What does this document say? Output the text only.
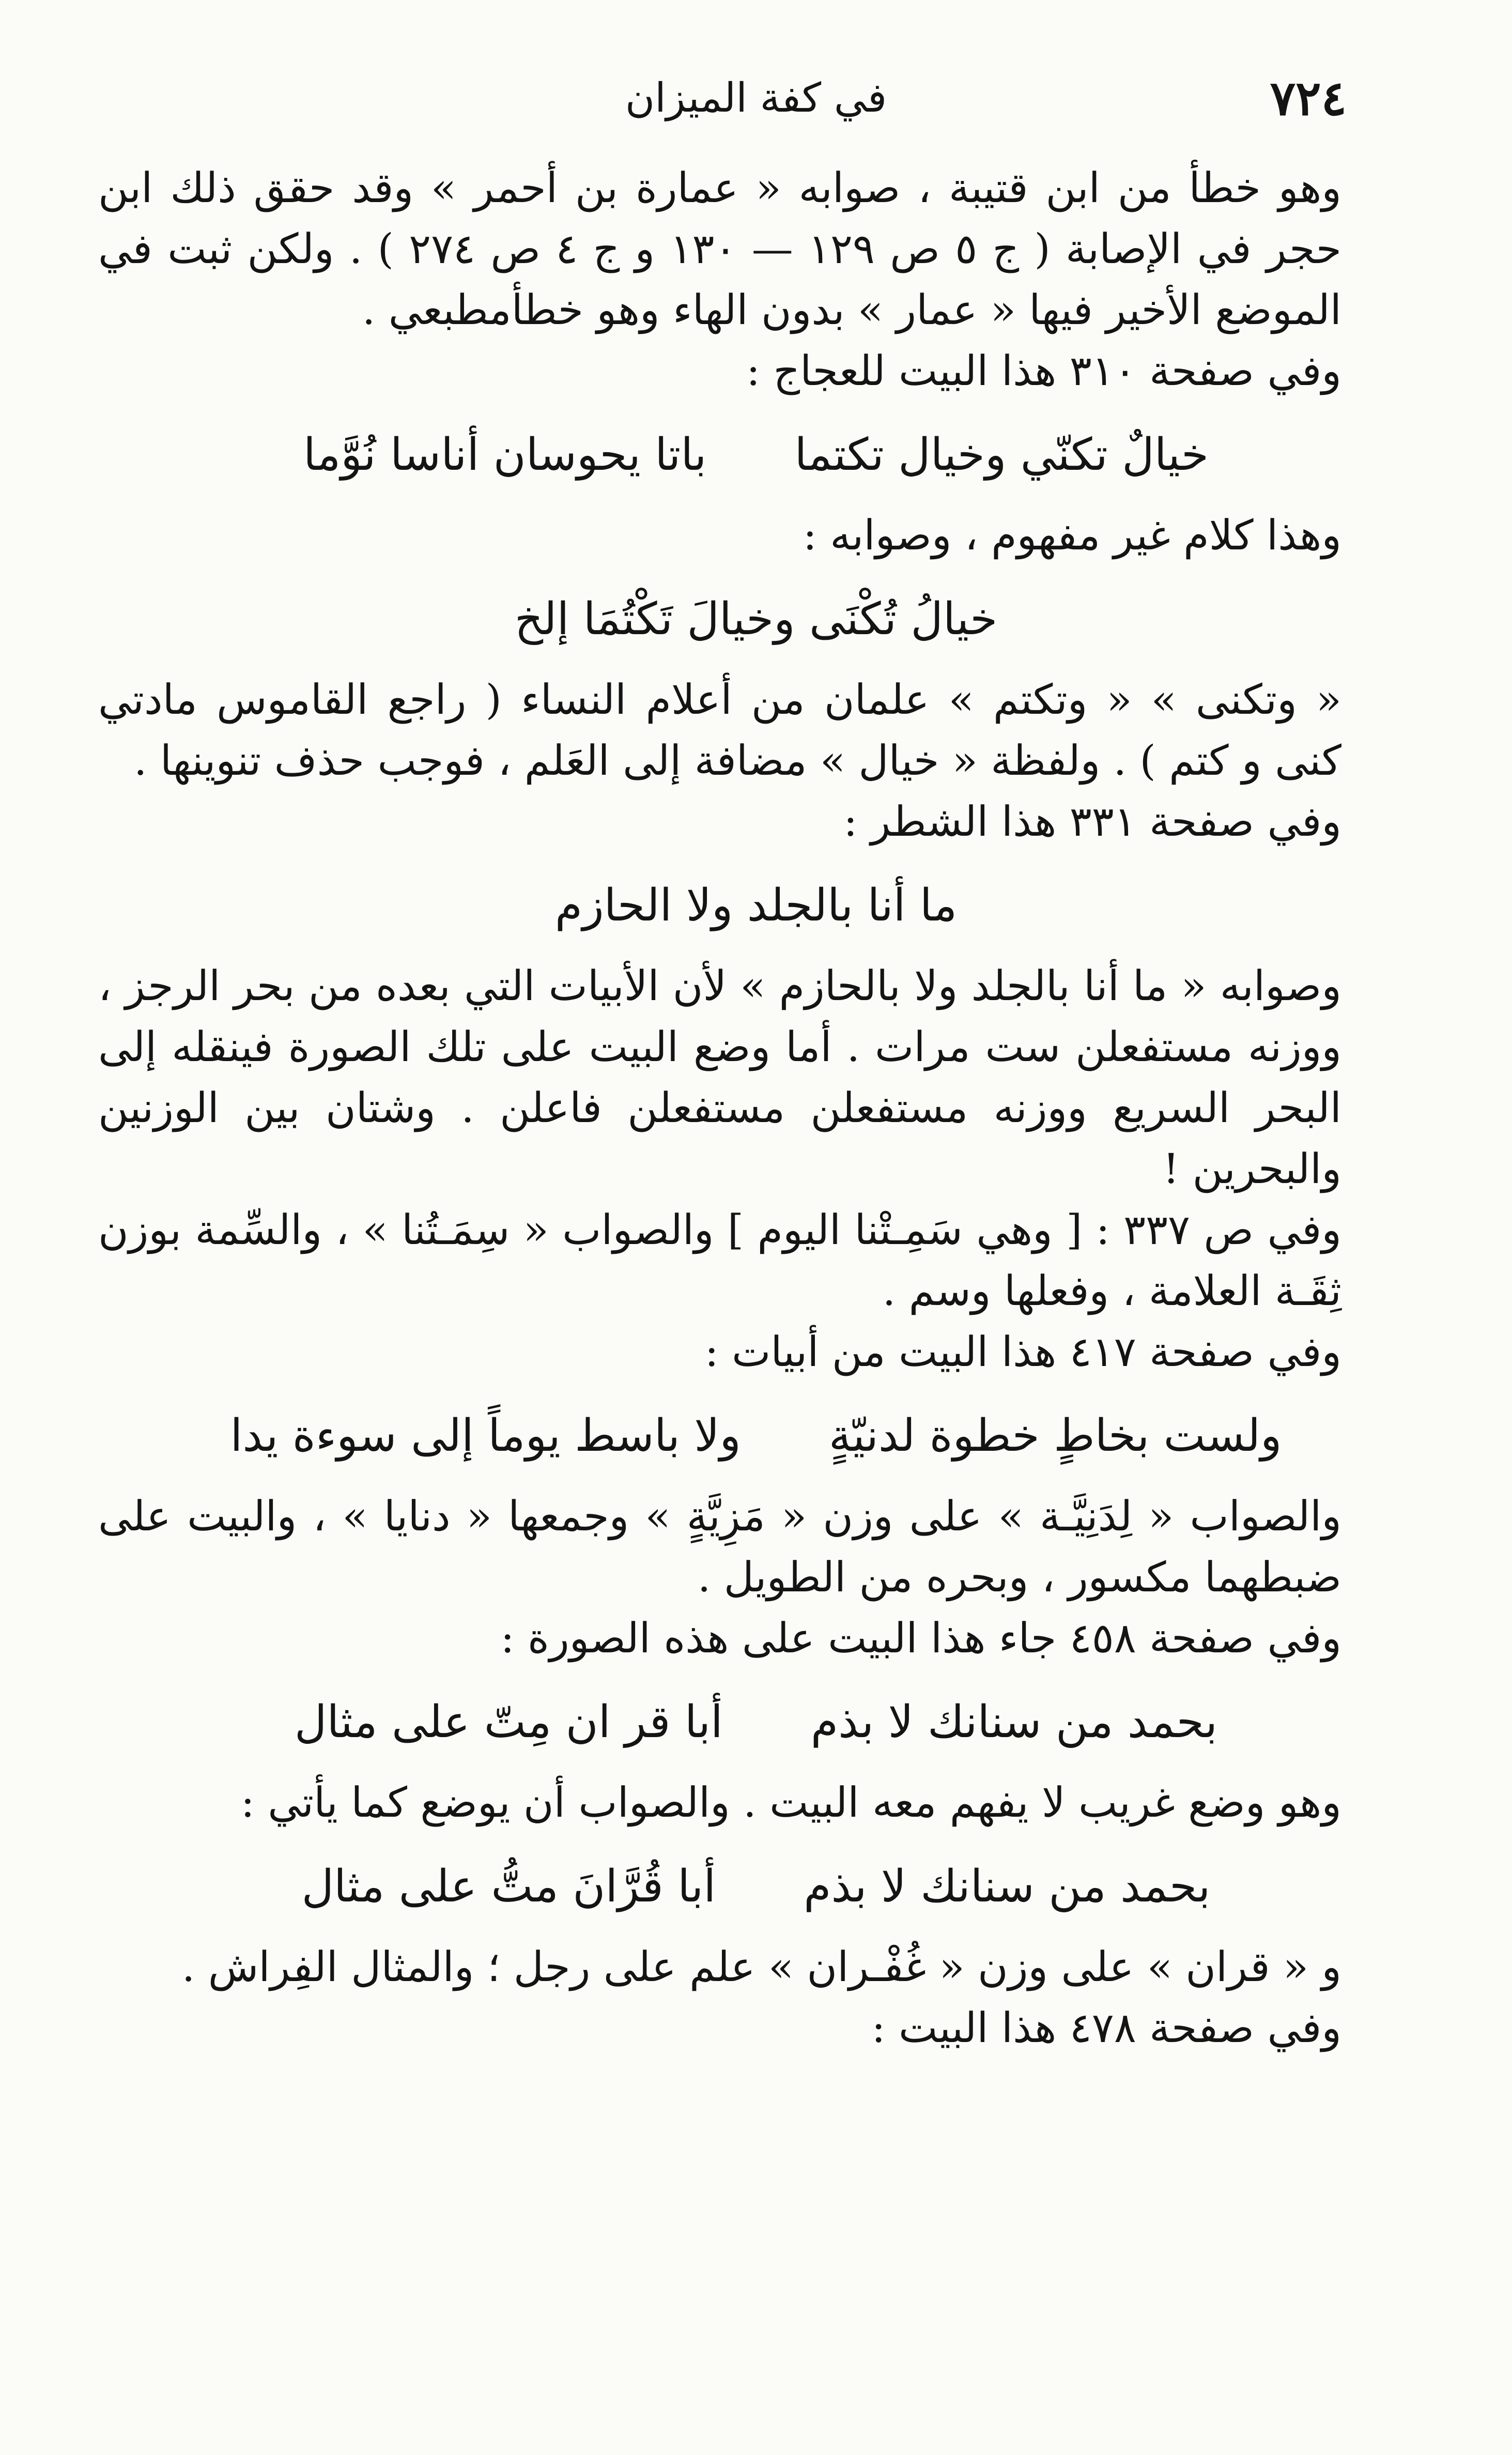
٧٢٤
في كفة الميزان

وهو خطأ من ابن قتيبة ، صوابه « عمارة بن أحمر » وقد حقق ذلك ابن حجر في الإصابة ( ج ٥ ص ١٢٩ — ١٣٠ و ج ٤ ص ٢٧٤ ) . ولكن ثبت في الموضع الأخير فيها « عمار » بدون الهاء وهو خطأمطبعي .

وفي صفحة ٣١٠ هذا البيت للعجاج :

خيالٌ تكنّي وخيال تكتما
باتا يحوسان أناسا نُوَّما

وهذا كلام غير مفهوم ، وصوابه :

خيالُ تُكْنَى وخيالَ تَكْتُمَا إلخ

« وتكنى » « وتكتم » علمان من أعلام النساء ( راجع القاموس مادتي كنى و كتم ) . ولفظة « خيال » مضافة إلى العَلم ، فوجب حذف تنوينها .

وفي صفحة ٣٣١ هذا الشطر :

ما أنا بالجلد ولا الحازم

وصوابه « ما أنا بالجلد ولا بالحازم » لأن الأبيات التي بعده من بحر الرجز ، ووزنه مستفعلن ست مرات . أما وضع البيت على تلك الصورة فينقله إلى البحر السريع ووزنه مستفعلن مستفعلن فاعلن . وشتان بين الوزنين والبحرين !

وفي ص ٣٣٧ : [ وهي سَمِـتْنا اليوم ] والصواب « سِمَـتُنا » ، والسِّمة بوزن ثِقَـة العلامة ، وفعلها وسم .

وفي صفحة ٤١٧ هذا البيت من أبيات :

ولست بخاطٍ خطوة لدنيّةٍ
ولا باسط يوماً إلى سوءة يدا

والصواب « لِدَنِيَّـة » على وزن « مَزِيَّةٍ » وجمعها « دنايا » ، والبيت على ضبطهما مكسور ، وبحره من الطويل .

وفي صفحة ٤٥٨ جاء هذا البيت على هذه الصورة :

بحمد من سنانك لا بذم
أبا قر ان مِتّ على مثال

وهو وضع غريب لا يفهم معه البيت . والصواب أن يوضع كما يأتي :

بحمد من سنانك لا بذم
أبا قُرَّانَ متُّ على مثال

و « قران » على وزن « غُفْـران » علم على رجل ؛ والمثال الفِراش .

وفي صفحة ٤٧٨ هذا البيت :
